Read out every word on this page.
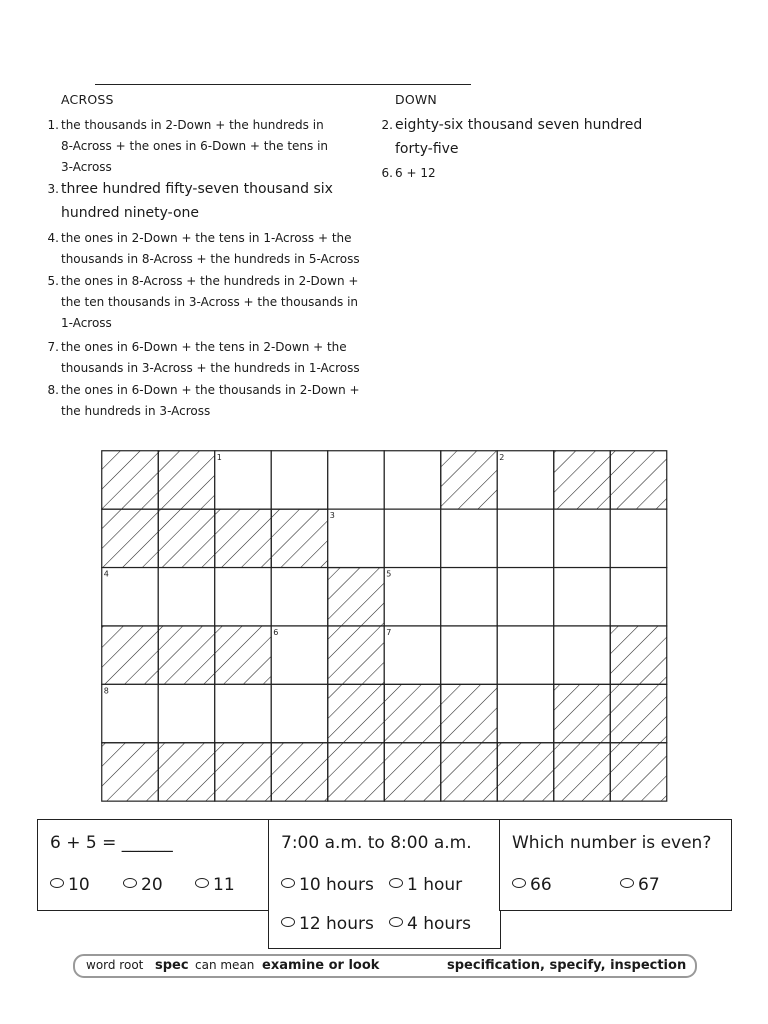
ACROSS	DOWN
1. the thousands in 2-Down + the hundreds in
8-Across + the ones in 6-Down + the tens in
3-Across
3. three hundred fifty-seven thousand six
hundred ninety-one
4. the ones in 2-Down + the tens in 1-Across + the
thousands in 8-Across + the hundreds in 5-Across
5. the ones in 8-Across + the hundreds in 2-Down +
the ten thousands in 3-Across + the thousands in
1-Across
7. the ones in 6-Down + the tens in 2-Down + the
thousands in 3-Across + the hundreds in 1-Across
8. the ones in 6-Down + the thousands in 2-Down +
the hundreds in 3-Across
2. eighty-six thousand seven hundred
forty-five
6. 6 + 12
1	2
3
4	5
6	7
8
6 + 5 = ______
10	20	11
7:00 a.m. to 8:00 a.m.
10 hours	1 hour
12 hours	4 hours
Which number is even?
66	67
word root spec can mean examine or look	specification, specify, inspection
